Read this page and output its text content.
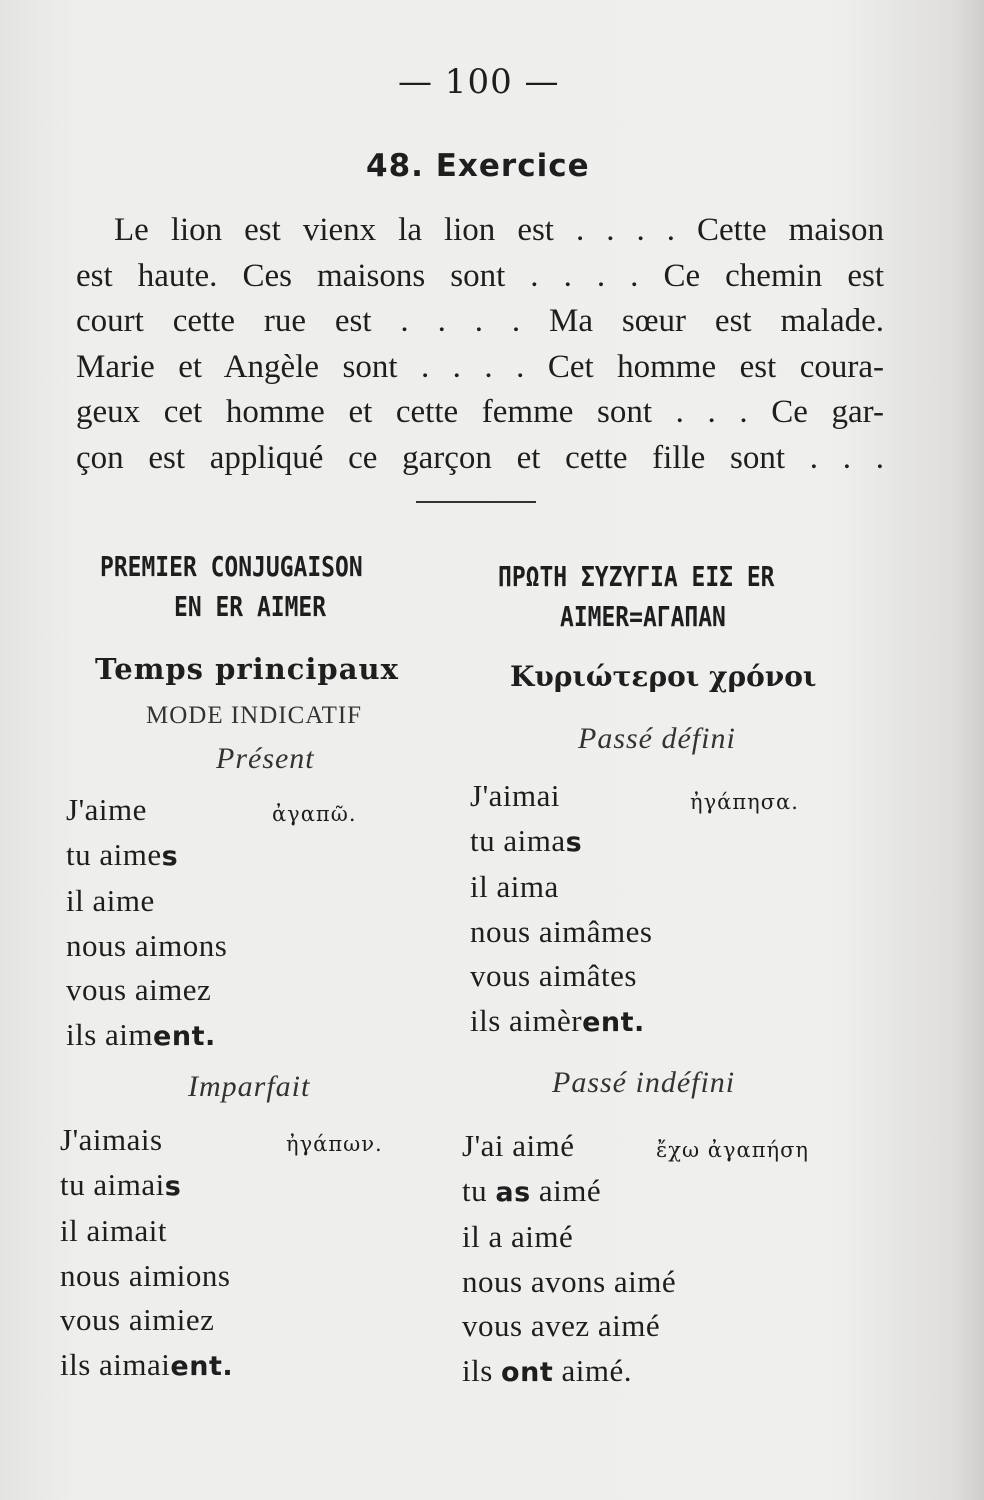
— 100 —
48. Exercice
Le lion est vienx la lion est . . . . Cette maison
est haute. Ces maisons sont . . . . Ce chemin est
court cette rue est . . . . Ma sœur est malade.
Marie et Angèle sont . . . . Cet homme est coura-
geux cet homme et cette femme sont . . . Ce gar-
çon est appliqué ce garçon et cette fille sont . . .
PREMIER CONJUGAISON
EN ER AIMER
Temps principaux
MODE INDICATIF
Présent
ἀγαπῶ.
J'aime
tu aimes
il aime
nous aimons
vous aimez
ils aiment.
Imparfait
ἠγάπων.
J'aimais
tu aimais
il aimait
nous aimions
vous aimiez
ils aimaient.
ΠΡΩΤΗ ΣΥΖΥΓΙΑ ΕΙΣ ER
AIMER=ΑΓΑΠΑΝ
Κυριώτεροι χρόνοι
Passé défini
ἠγάπησα.
J'aimai
tu aimas
il aima
nous aimâmes
vous aimâtes
ils aimèrent.
Passé indéfini
ἔχω ἀγαπήση
J'ai aimé
tu as aimé
il a aimé
nous avons aimé
vous avez aimé
ils ont aimé.
